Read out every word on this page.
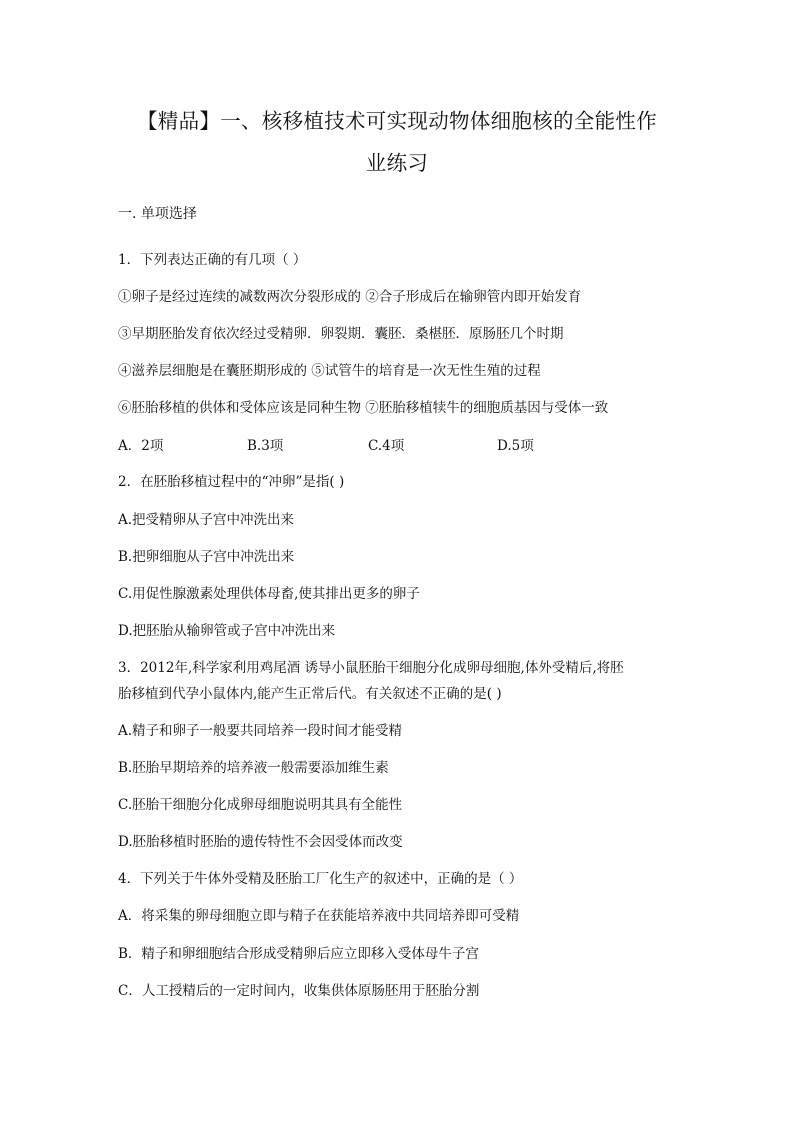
【精品】一、核移植技术可实现动物体细胞核的全能性作
业练习
一. 单项选择
1．下列表达正确的有几项（ ）
①卵子是经过连续的减数两次分裂形成的 ②合子形成后在输卵管内即开始发育
③早期胚胎发育依次经过受精卵．卵裂期．囊胚．桑椹胚．原肠胚几个时期
④滋养层细胞是在囊胚期形成的 ⑤试管牛的培育是一次无性生殖的过程
⑥胚胎移植的供体和受体应该是同种生物 ⑦胚胎移植犊牛的细胞质基因与受体一致
A．2项	B.3项	C.4项	D.5项
2．在胚胎移植过程中的“冲卵”是指( )
A.把受精卵从子宫中冲洗出来
B.把卵细胞从子宫中冲洗出来
C.用促性腺激素处理供体母畜,使其排出更多的卵子
D.把胚胎从输卵管或子宫中冲洗出来
3．2012年,科学家利用鸡尾酒 诱导小鼠胚胎干细胞分化成卵母细胞,体外受精后,将胚
胎移植到代孕小鼠体内,能产生正常后代。有关叙述不正确的是( )
A.精子和卵子一般要共同培养一段时间才能受精
B.胚胎早期培养的培养液一般需要添加维生素
C.胚胎干细胞分化成卵母细胞说明其具有全能性
D.胚胎移植时胚胎的遗传特性不会因受体而改变
4．下列关于牛体外受精及胚胎工厂化生产的叙述中，正确的是（ ）
A．将采集的卵母细胞立即与精子在获能培养液中共同培养即可受精
B．精子和卵细胞结合形成受精卵后应立即移入受体母牛子宫
C．人工授精后的一定时间内，收集供体原肠胚用于胚胎分割
